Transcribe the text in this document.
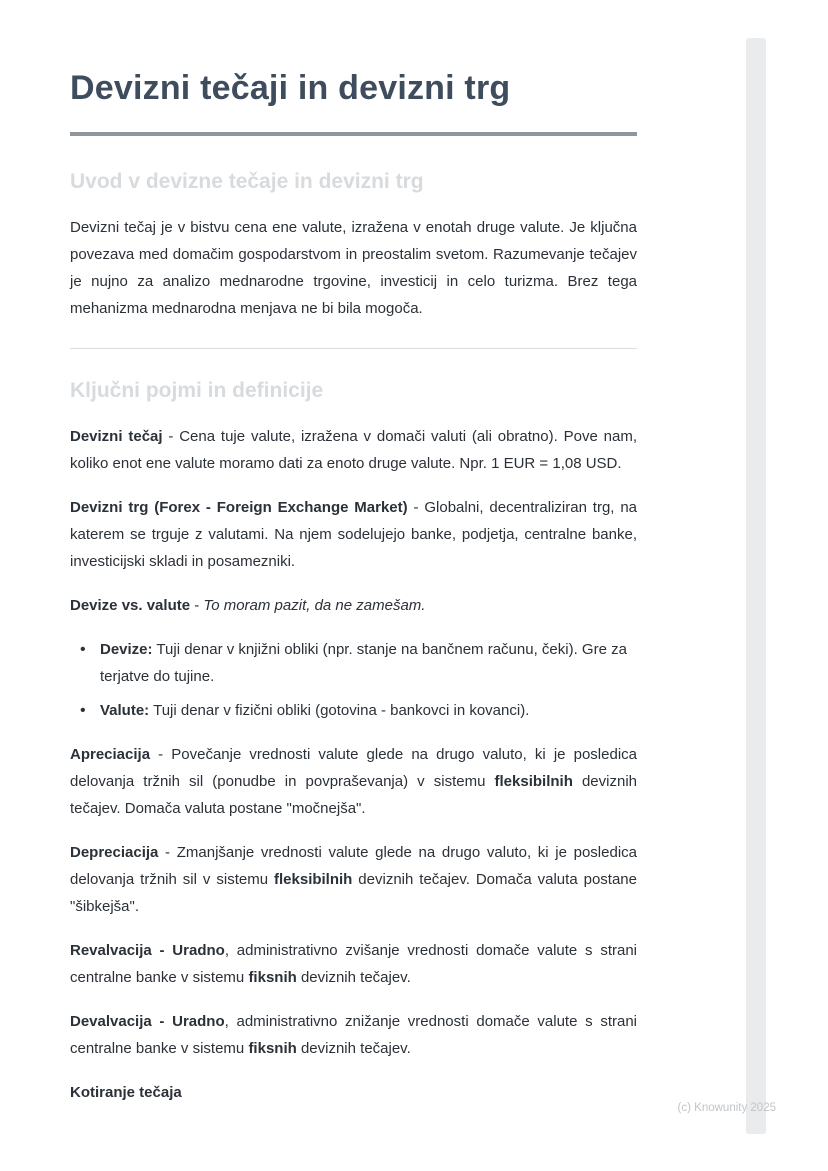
Devizni tečaji in devizni trg
Uvod v devizne tečaje in devizni trg

Devizni tečaj je v bistvu cena ene valute, izražena v enotah druge valute. Je ključna povezava med domačim gospodarstvom in preostalim svetom. Razumevanje tečajev je nujno za analizo mednarodne trgovine, investicij in celo turizma. Brez tega mehanizma mednarodna menjava ne bi bila mogoča.

Ključni pojmi in definicije

Devizni tečaj - Cena tuje valute, izražena v domači valuti (ali obratno). Pove nam, koliko enot ene valute moramo dati za enoto druge valute. Npr. 1 EUR = 1,08 USD.

Devizni trg (Forex - Foreign Exchange Market) - Globalni, decentraliziran trg, na katerem se trguje z valutami. Na njem sodelujejo banke, podjetja, centralne banke, investicijski skladi in posamezniki.

Devize vs. valute - To moram pazit, da ne zamešam.

• Devize: Tuji denar v knjižni obliki (npr. stanje na bančnem računu, čeki). Gre za terjatve do tujine.
• Valute: Tuji denar v fizični obliki (gotovina - bankovci in kovanci).

Apreciacija - Povečanje vrednosti valute glede na drugo valuto, ki je posledica delovanja tržnih sil (ponudbe in povpraševanja) v sistemu fleksibilnih deviznih tečajev. Domača valuta postane "močnejša".

Depreciacija - Zmanjšanje vrednosti valute glede na drugo valuto, ki je posledica delovanja tržnih sil v sistemu fleksibilnih deviznih tečajev. Domača valuta postane "šibkejša".

Revalvacija - Uradno, administrativno zvišanje vrednosti domače valute s strani centralne banke v sistemu fiksnih deviznih tečajev.

Devalvacija - Uradno, administrativno znižanje vrednosti domače valute s strani centralne banke v sistemu fiksnih deviznih tečajev.

Kotiranje tečaja

(c) Knowunity 2025
